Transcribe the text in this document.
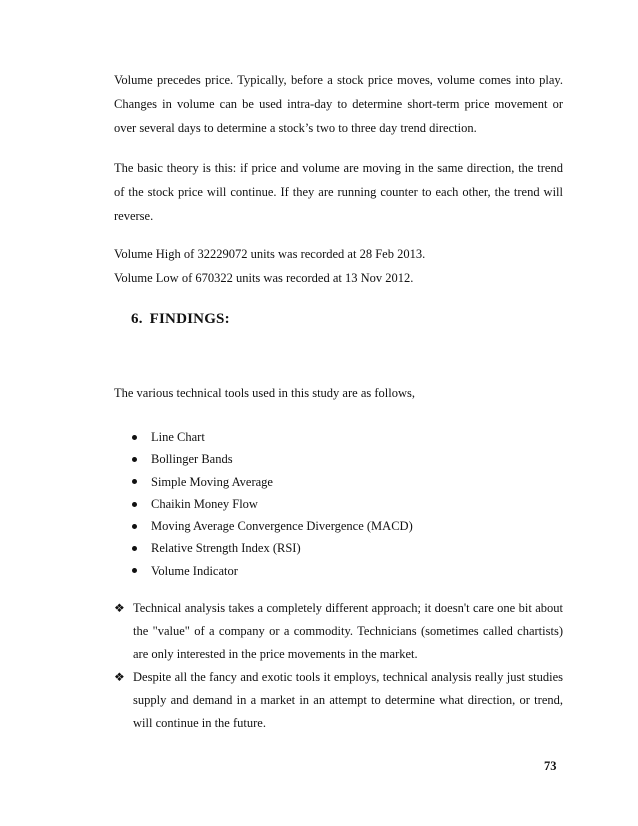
Volume precedes price. Typically, before a stock price moves, volume comes into play. Changes in volume can be used intra-day to determine short-term price movement or over several days to determine a stock’s two to three day trend direction.

The basic theory is this: if price and volume are moving in the same direction, the trend of the stock price will continue. If they are running counter to each other, the trend will reverse.

Volume High of 32229072 units was recorded at 28 Feb 2013.
Volume Low of 670322 units was recorded at 13 Nov 2012.
6. FINDINGS:

The various technical tools used in this study are as follows,

Line Chart
Bollinger Bands
Simple Moving Average
Chaikin Money Flow
Moving Average Convergence Divergence (MACD)
Relative Strength Index (RSI)
Volume Indicator
❖ Technical analysis takes a completely different approach; it doesn't care one bit about the "value" of a company or a commodity. Technicians (sometimes called chartists) are only interested in the price movements in the market.
❖ Despite all the fancy and exotic tools it employs, technical analysis really just studies supply and demand in a market in an attempt to determine what direction, or trend, will continue in the future.
73
